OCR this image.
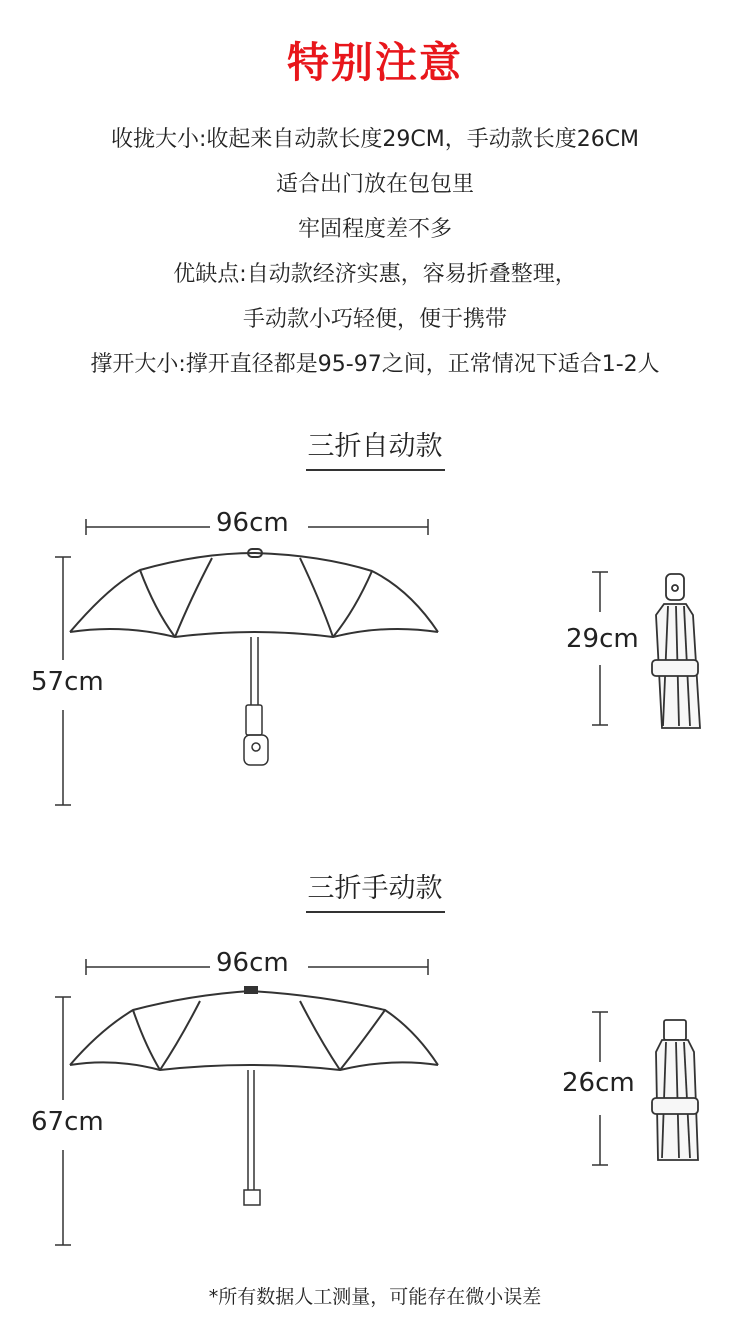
特别注意
收拢大小:收起来自动款长度29CM，手动款长度26CM
适合出门放在包包里
牢固程度差不多
优缺点:自动款经济实惠，容易折叠整理，
手动款小巧轻便，便于携带
撑开大小:撑开直径都是95-97之间，正常情况下适合1-2人
三折自动款
96cm
57cm
29cm
三折手动款
96cm
67cm
26cm
*所有数据人工测量，可能存在微小误差
